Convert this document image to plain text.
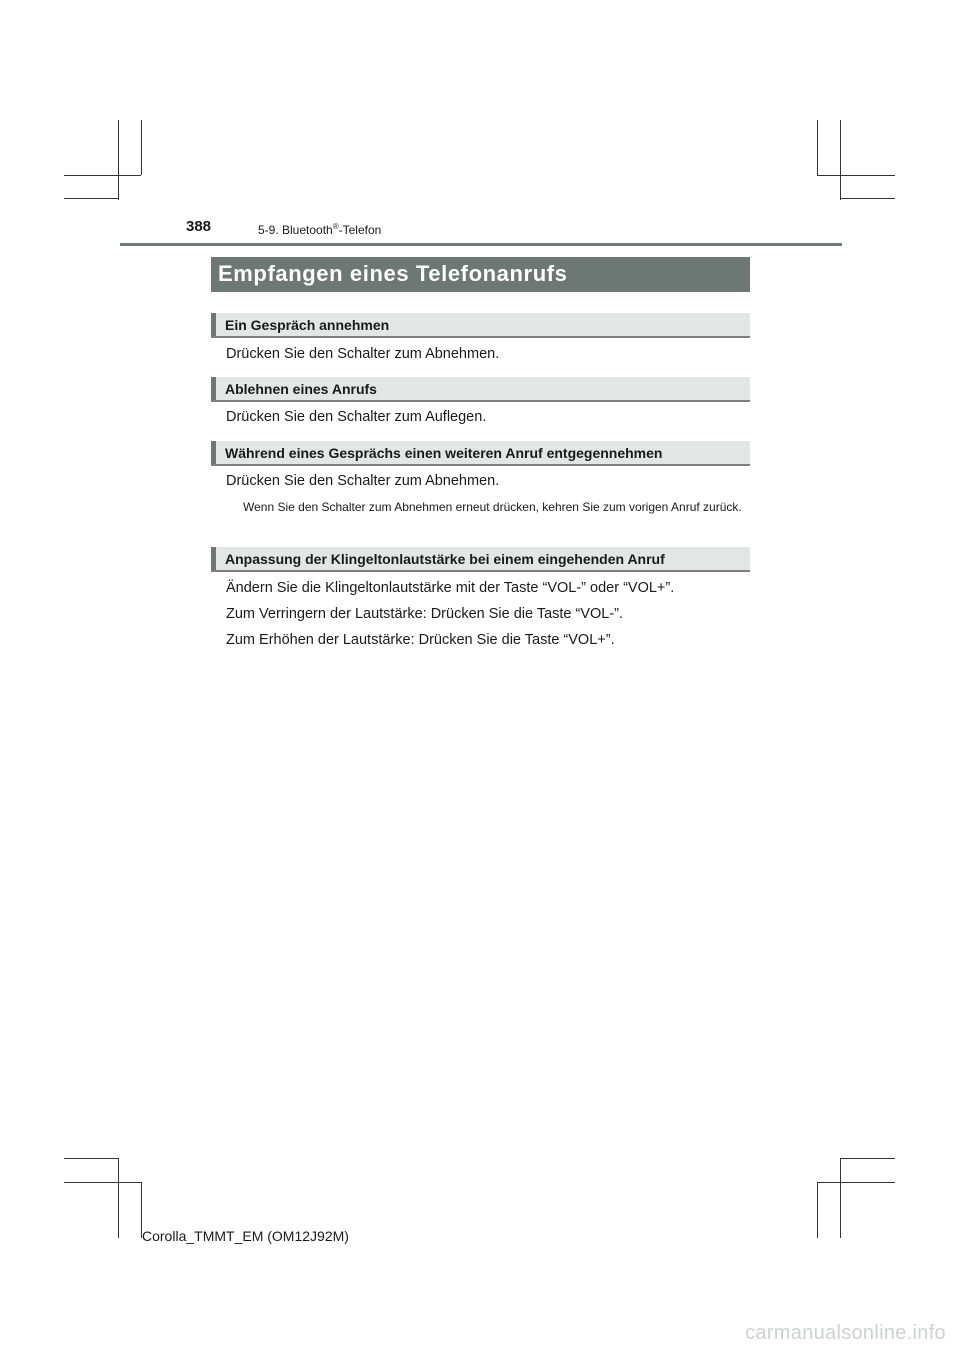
388	5-9. Bluetooth®-Telefon
Empfangen eines Telefonanrufs
Ein Gespräch annehmen
Drücken Sie den Schalter zum Abnehmen.
Ablehnen eines Anrufs
Drücken Sie den Schalter zum Auflegen.
Während eines Gesprächs einen weiteren Anruf entgegennehmen
Drücken Sie den Schalter zum Abnehmen.
Wenn Sie den Schalter zum Abnehmen erneut drücken, kehren Sie zum vorigen Anruf zurück.
Anpassung der Klingeltonlautstärke bei einem eingehenden Anruf
Ändern Sie die Klingeltonlautstärke mit der Taste “VOL-” oder “VOL+”.
Zum Verringern der Lautstärke: Drücken Sie die Taste “VOL-”.
Zum Erhöhen der Lautstärke: Drücken Sie die Taste “VOL+”.
Corolla_TMMT_EM (OM12J92M)
carmanualsonline.info
